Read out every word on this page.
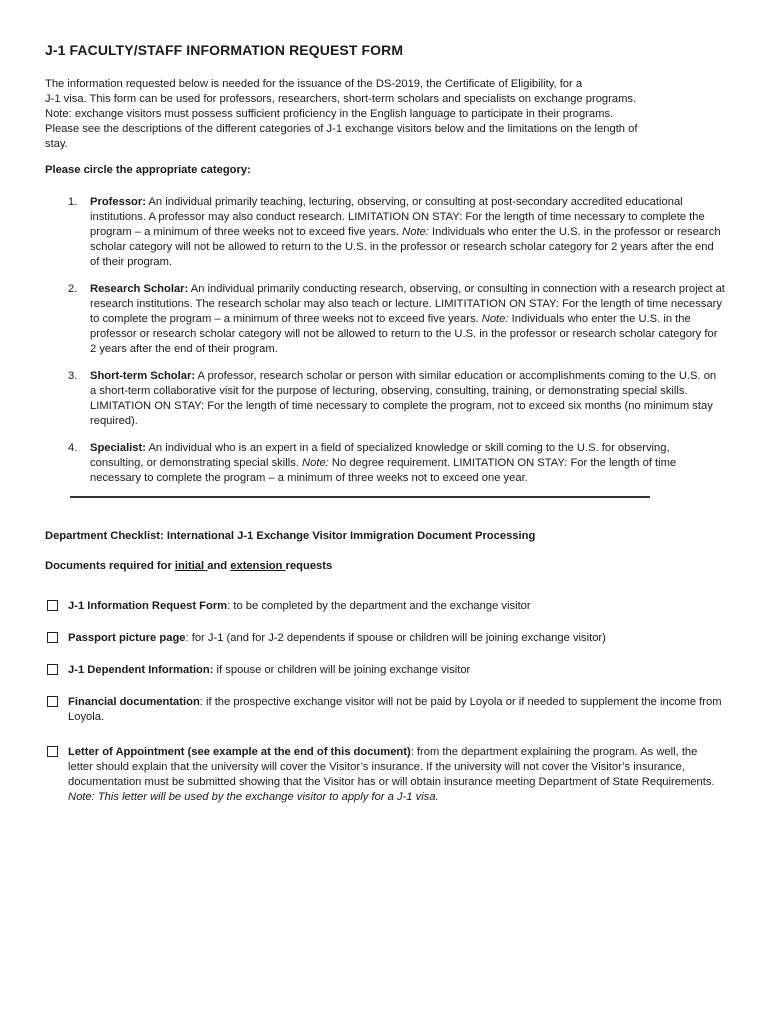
J-1 FACULTY/STAFF INFORMATION REQUEST FORM
The information requested below is needed for the issuance of the DS-2019, the Certificate of Eligibility, for a
J-1 visa. This form can be used for professors, researchers, short-term scholars and specialists on exchange programs.
Note: exchange visitors must possess sufficient proficiency in the English language to participate in their programs.
Please see the descriptions of the different categories of J-1 exchange visitors below and the limitations on the length of
stay.
Please circle the appropriate category:
1. Professor: An individual primarily teaching, lecturing, observing, or consulting at post-secondary accredited educational institutions. A professor may also conduct research. LIMITATION ON STAY: For the length of time necessary to complete the program – a minimum of three weeks not to exceed five years. Note: Individuals who enter the U.S. in the professor or research scholar category will not be allowed to return to the U.S. in the professor or research scholar category for 2 years after the end of their program.
2. Research Scholar: An individual primarily conducting research, observing, or consulting in connection with a research project at research institutions. The research scholar may also teach or lecture. LIMITITATION ON STAY: For the length of time necessary to complete the program – a minimum of three weeks not to exceed five years. Note: Individuals who enter the U.S. in the professor or research scholar category will not be allowed to return to the U.S. in the professor or research scholar category for 2 years after the end of their program.
3. Short-term Scholar: A professor, research scholar or person with similar education or accomplishments coming to the U.S. on a short-term collaborative visit for the purpose of lecturing, observing, consulting, training, or demonstrating special skills. LIMITATION ON STAY: For the length of time necessary to complete the program, not to exceed six months (no minimum stay required).
4. Specialist: An individual who is an expert in a field of specialized knowledge or skill coming to the U.S. for observing, consulting, or demonstrating special skills. Note: No degree requirement. LIMITATION ON STAY: For the length of time necessary to complete the program – a minimum of three weeks not to exceed one year.
Department Checklist: International J-1 Exchange Visitor Immigration Document Processing
Documents required for initial and extension requests
J-1 Information Request Form: to be completed by the department and the exchange visitor
Passport picture page: for J-1 (and for J-2 dependents if spouse or children will be joining exchange visitor)
J-1 Dependent Information: if spouse or children will be joining exchange visitor
Financial documentation: if the prospective exchange visitor will not be paid by Loyola or if needed to supplement the income from Loyola.
Letter of Appointment (see example at the end of this document): from the department explaining the program. As well, the letter should explain that the university will cover the Visitor’s insurance. If the university will not cover the Visitor’s insurance, documentation must be submitted showing that the Visitor has or will obtain insurance meeting Department of State Requirements. Note: This letter will be used by the exchange visitor to apply for a J-1 visa.
